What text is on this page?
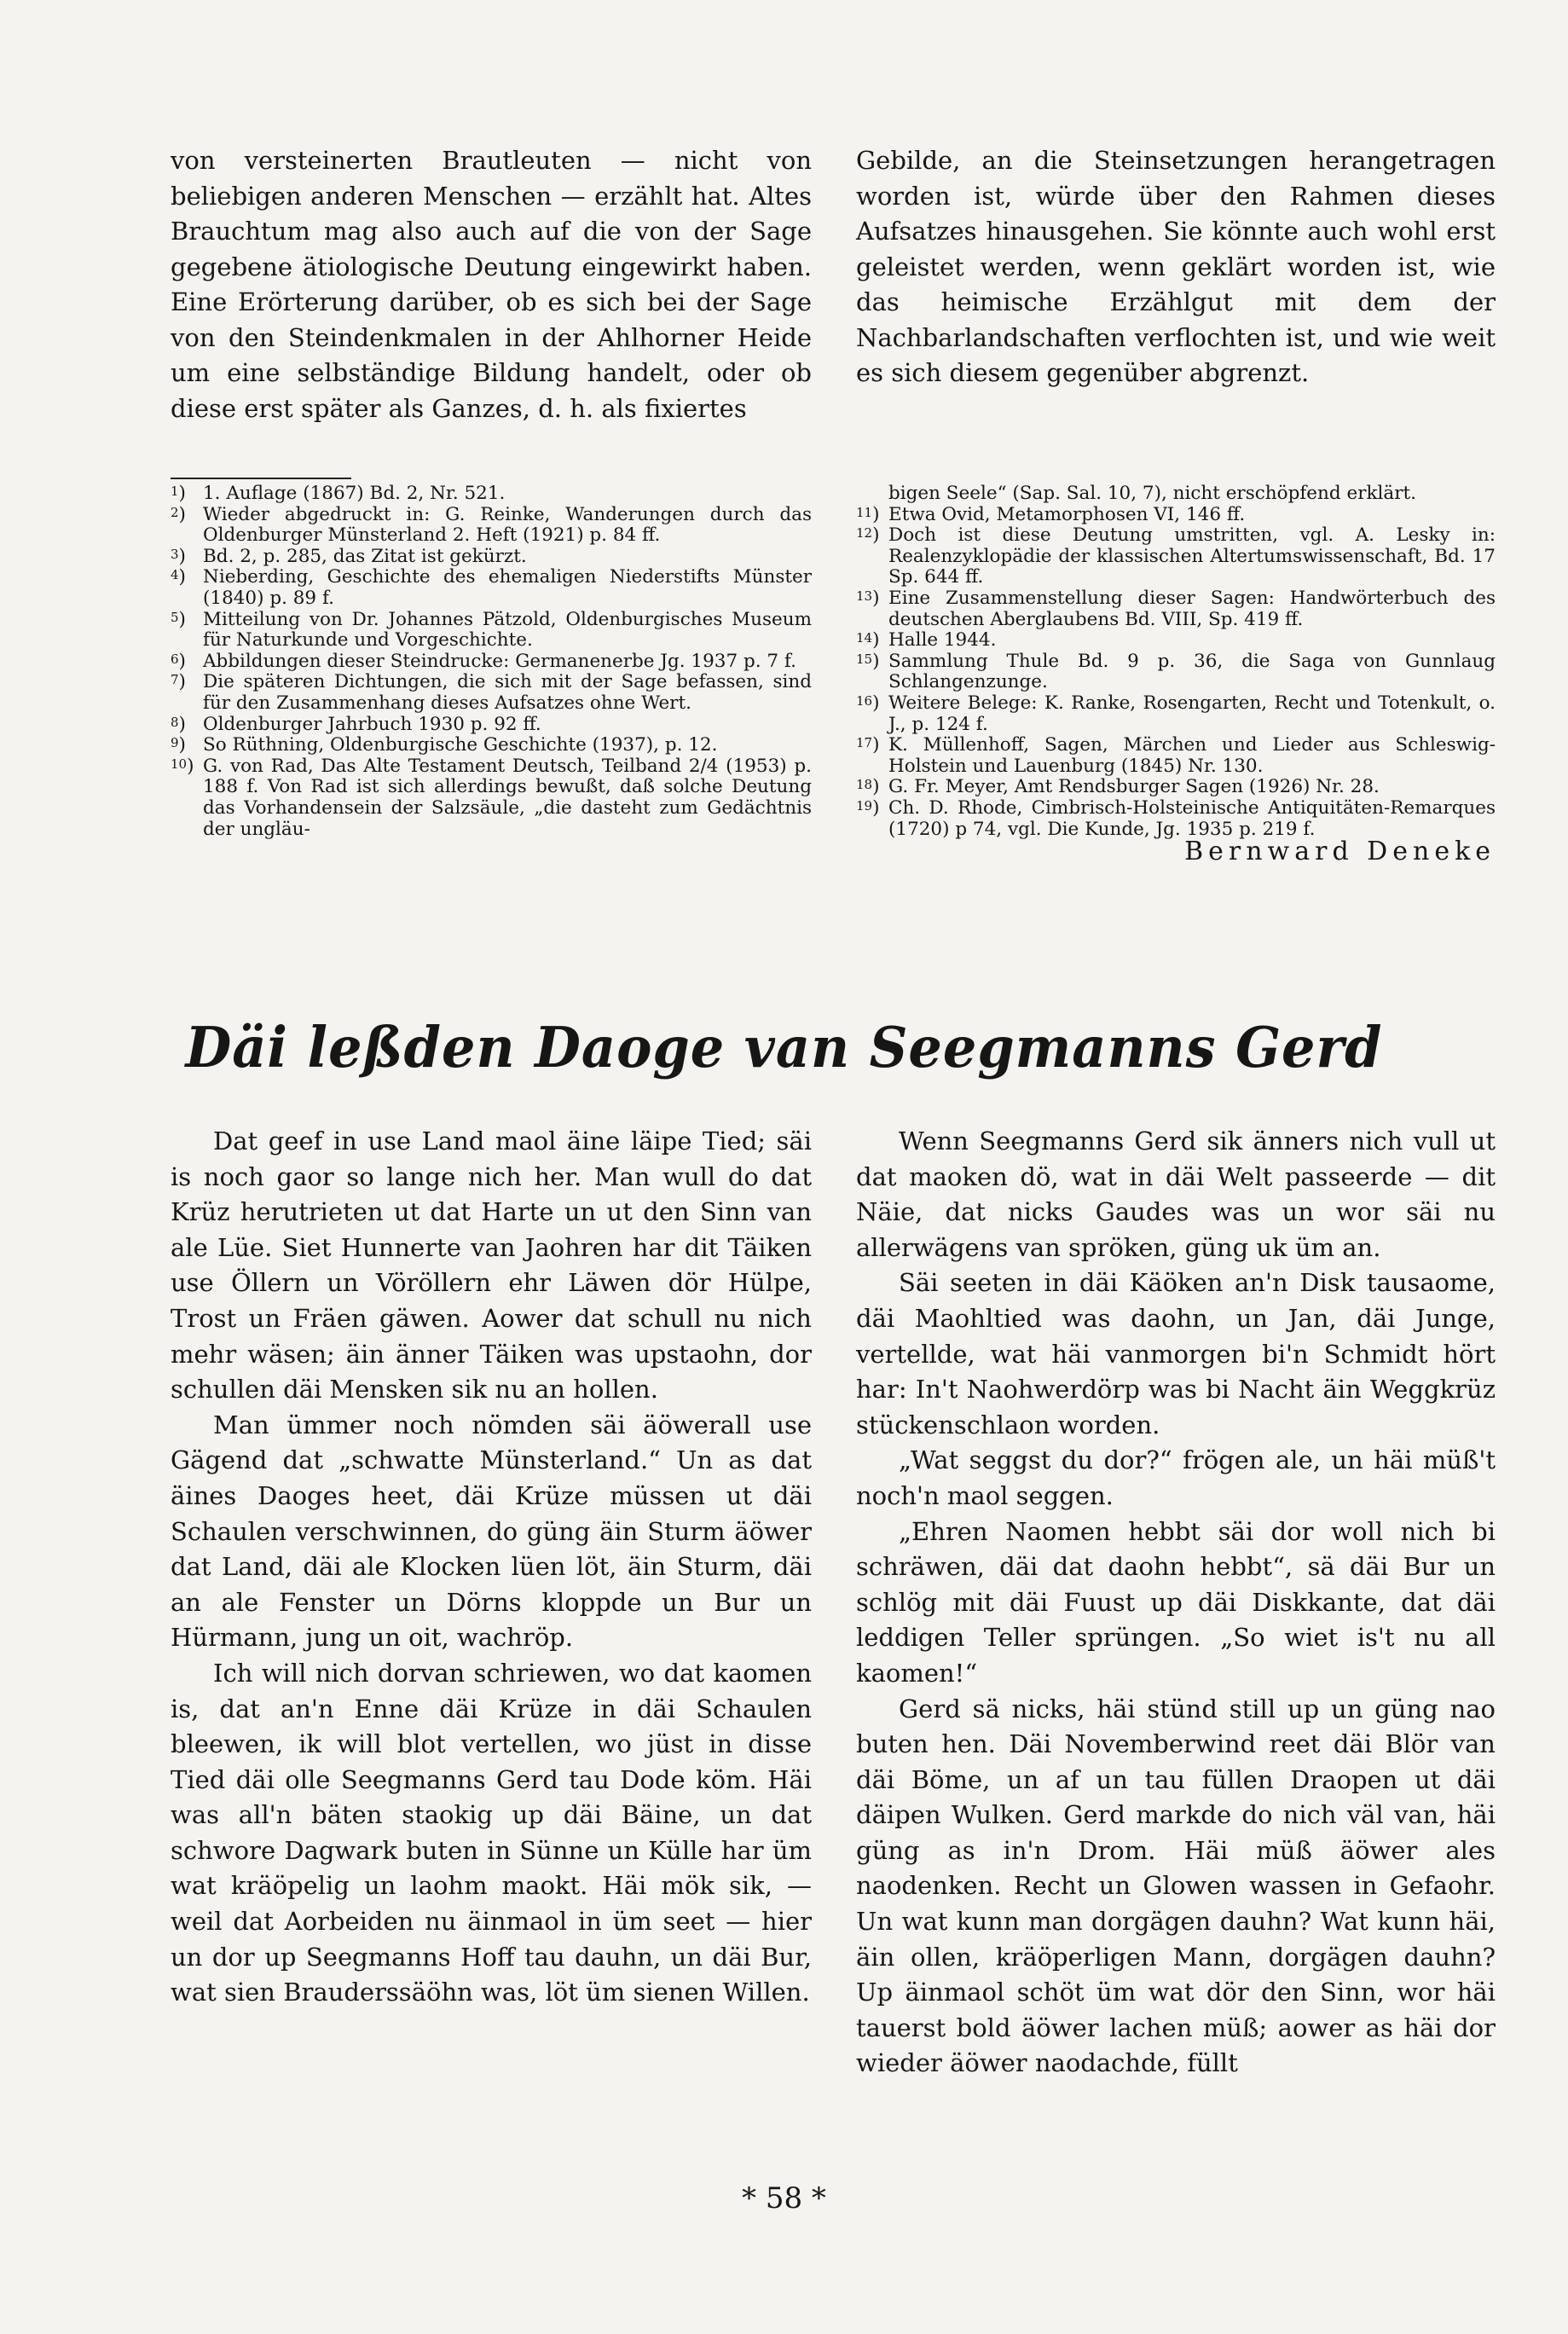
von versteinerten Brautleuten — nicht von beliebigen anderen Menschen — erzählt hat. Altes Brauchtum mag also auch auf die von der Sage gegebene ätiologische Deutung eingewirkt haben. Eine Erörterung darüber, ob es sich bei der Sage von den Steindenkmalen in der Ahlhorner Heide um eine selbständige Bildung handelt, oder ob diese erst später als Ganzes, d. h. als fixiertes

Gebilde, an die Steinsetzungen herangetragen worden ist, würde über den Rahmen dieses Aufsatzes hinausgehen. Sie könnte auch wohl erst geleistet werden, wenn geklärt worden ist, wie das heimische Erzählgut mit dem der Nachbarlandschaften verflochten ist, und wie weit es sich diesem gegenüber abgrenzt.

1 )	1. Auflage (1867) Bd. 2, Nr. 521.
2 )	Wieder abgedruckt in: G. Reinke, Wanderungen durch das Oldenburger Münsterland 2. Heft (1921) p. 84 ff.
3 )	Bd. 2, p. 285, das Zitat ist gekürzt.
4 )	Nieberding, Geschichte des ehemaligen Niederstifts Münster (1840) p. 89 f.
5 )	Mitteilung von Dr. Johannes Pätzold, Oldenburgisches Museum für Naturkunde und Vorgeschichte.
6 )	Abbildungen dieser Steindrucke: Germanenerbe Jg. 1937 p. 7 f.
7 )	Die späteren Dichtungen, die sich mit der Sage befassen, sind für den Zusammenhang dieses Aufsatzes ohne Wert.
8 )	Oldenburger Jahrbuch 1930 p. 92 ff.
9 )	So Rüthning, Oldenburgische Geschichte (1937), p. 12.
10 ) G. von Rad, Das Alte Testament Deutsch, Teilband 2/4 (1953) p. 188 f. Von Rad ist sich allerdings bewußt, daß solche Deutung das Vorhandensein der Salzsäule, „die dasteht zum Gedächtnis der ungläu-
bigen Seele“ (Sap. Sal. 10, 7), nicht erschöpfend erklärt.
11 ) Etwa Ovid, Metamorphosen VI, 146 ff.
12 ) Doch ist diese Deutung umstritten, vgl. A. Lesky in: Realenzyklopädie der klassischen Altertumswissenschaft, Bd. 17 Sp. 644 ff.
13 ) Eine Zusammenstellung dieser Sagen: Handwörterbuch des deutschen Aberglaubens Bd. VIII, Sp. 419 ff.
14 ) Halle 1944.
15 ) Sammlung Thule Bd. 9 p. 36, die Saga von Gunnlaug Schlangenzunge.
16 ) Weitere Belege: K. Ranke, Rosengarten, Recht und Totenkult, o. J., p. 124 f.
17 ) K. Müllenhoff, Sagen, Märchen und Lieder aus Schleswig-Holstein und Lauenburg (1845) Nr. 130.
18 ) G. Fr. Meyer, Amt Rendsburger Sagen (1926) Nr. 28.
19 ) Ch. D. Rhode, Cimbrisch-Holsteinische Antiquitäten-Remarques (1720) p 74, vgl. Die Kunde, Jg. 1935 p. 219 f.
Bernward Deneke
Däi leßden Daoge van Seegmanns Gerd

Dat geef in use Land maol äine läipe Tied; säi is noch gaor so lange nich her. Man wull do dat Krüz herutrieten ut dat Harte un ut den Sinn van ale Lüe. Siet Hunnerte van Jaohren har dit Täiken use Öllern un Vöröllern ehr Läwen dör Hülpe, Trost un Fräen gäwen. Aower dat schull nu nich mehr wäsen; äin änner Täiken was upstaohn, dor schullen däi Mensken sik nu an hollen.

Man ümmer noch nömden säi äöwerall use Gägend dat „schwatte Münsterland.“ Un as dat äines Daoges heet, däi Krüze müssen ut däi Schaulen verschwinnen, do güng äin Sturm äöwer dat Land, däi ale Klocken lüen löt, äin Sturm, däi an ale Fenster un Dörns kloppde un Bur un Hürmann, jung un oit, wachröp.

Ich will nich dorvan schriewen, wo dat kaomen is, dat an'n Enne däi Krüze in däi Schaulen bleewen, ik will blot vertellen, wo jüst in disse Tied däi olle Seegmanns Gerd tau Dode köm. Häi was all'n bäten staokig up däi Bäine, un dat schwore Dagwark buten in Sünne un Külle har üm wat kräöpelig un laohm maokt. Häi mök sik, — weil dat Aorbeiden nu äinmaol in üm seet — hier un dor up Seegmanns Hoff tau dauhn, un däi Bur, wat sien Brauderssäöhn was, löt üm sienen Willen.

Wenn Seegmanns Gerd sik änners nich vull ut dat maoken dö, wat in däi Welt passeerde — dit Näie, dat nicks Gaudes was un wor säi nu allerwägens van spröken, güng uk üm an.

Säi seeten in däi Käöken an'n Disk tausaome, däi Maohltied was daohn, un Jan, däi Junge, vertellde, wat häi vanmorgen bi'n Schmidt hört har: In't Naohwerdörp was bi Nacht äin Weggkrüz stückenschlaon worden.

„Wat seggst du dor?“ frögen ale, un häi müß't noch'n maol seggen.

„Ehren Naomen hebbt säi dor woll nich bi schräwen, däi dat daohn hebbt“, sä däi Bur un schlög mit däi Fuust up däi Diskkante, dat däi leddigen Teller sprüngen. „So wiet is't nu all kaomen!“

Gerd sä nicks, häi stünd still up un güng nao buten hen. Däi Novemberwind reet däi Blör van däi Böme, un af un tau füllen Draopen ut däi däipen Wulken. Gerd markde do nich väl van, häi güng as in'n Drom. Häi müß äöwer ales naodenken. Recht un Glowen wassen in Gefaohr. Un wat kunn man dorgägen dauhn? Wat kunn häi, äin ollen, kräöperligen Mann, dorgägen dauhn? Up äinmaol schöt üm wat dör den Sinn, wor häi tauerst bold äöwer lachen müß; aower as häi dor wieder äöwer naodachde, füllt

* 58 *
